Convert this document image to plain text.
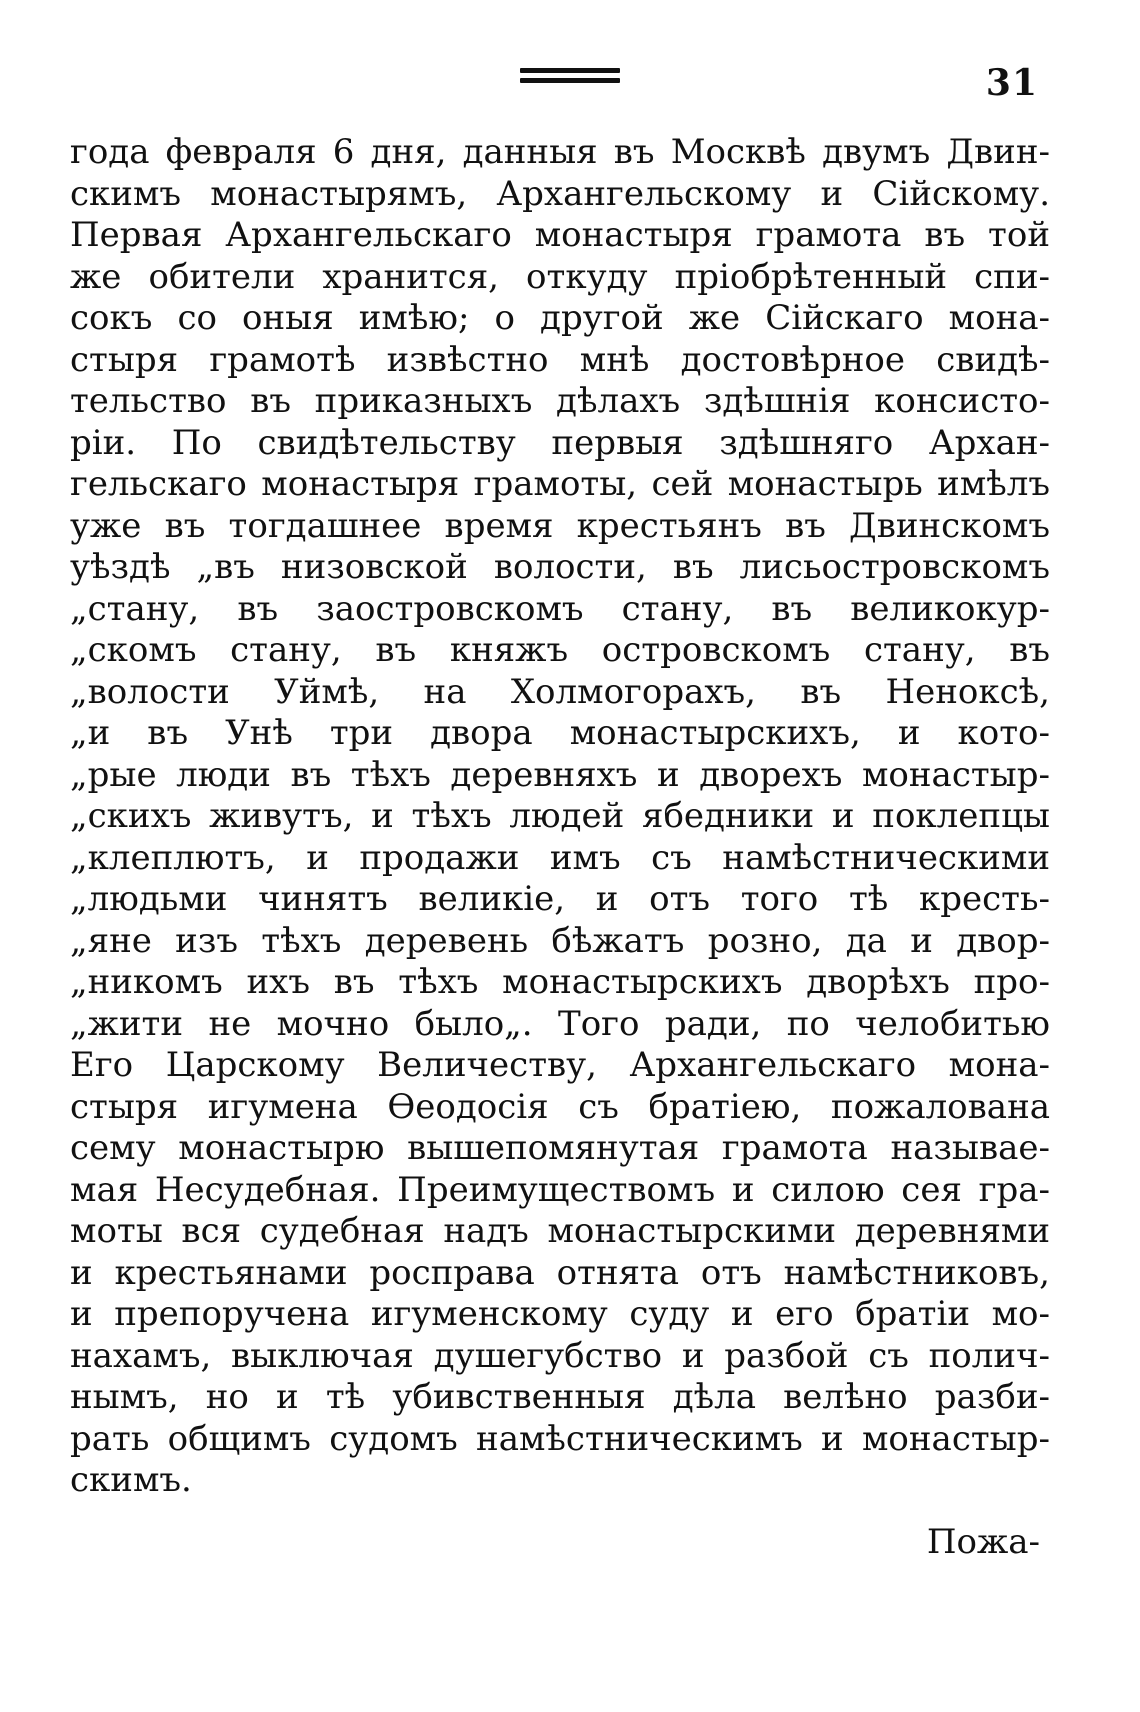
31
года февраля 6 дня, данныя въ Москвѣ двумъ Двин-
скимъ монастырямъ, Архангельскому и Сійскому.
Первая Архангельскаго монастыря грамота въ той
же обители хранится, откуду пріобрѣтенный спи-
сокъ со оныя имѣю; о другой же Сійскаго мона-
стыря грамотѣ извѣстно мнѣ достовѣрное свидѣ-
тельство въ приказныхъ дѣлахъ здѣшнія консисто-
ріи. По свидѣтельству первыя здѣшняго Архан-
гельскаго монастыря грамоты, сей монастырь имѣлъ
уже въ тогдашнее время крестьянъ въ Двинскомъ
уѣздѣ „въ низовской волости, въ лисьостровскомъ
„стану, въ заостровскомъ стану, въ великокур-
„скомъ стану, въ княжъ островскомъ стану, въ
„волости Уймѣ, на Холмогорахъ, въ Неноксѣ,
„и въ Унѣ три двора монастырскихъ, и кото-
„рые люди въ тѣхъ деревняхъ и дворехъ монастыр-
„скихъ живутъ, и тѣхъ людей ябедники и поклепцы
„клеплютъ, и продажи имъ съ намѣстническими
„людьми чинятъ великіе, и отъ того тѣ кресть-
„яне изъ тѣхъ деревень бѣжатъ розно, да и двор-
„никомъ ихъ въ тѣхъ монастырскихъ дворѣхъ про-
„жити не мочно было„. Того ради, по челобитью
Его Царскому Величеству, Архангельскаго мона-
стыря игумена Ѳеодосія съ братіею, пожалована
сему монастырю вышепомянутая грамота называе-
мая Несудебная. Преимуществомъ и силою сея гра-
моты вся судебная надъ монастырскими деревнями
и крестьянами росправа отнята отъ намѣстниковъ,
и препоручена игуменскому суду и его братіи мо-
нахамъ, выключая душегубство и разбой съ полич-
нымъ, но и тѣ убивственныя дѣла велѣно разби-
рать общимъ судомъ намѣстническимъ и монастыр-
скимъ.
Пожа-
